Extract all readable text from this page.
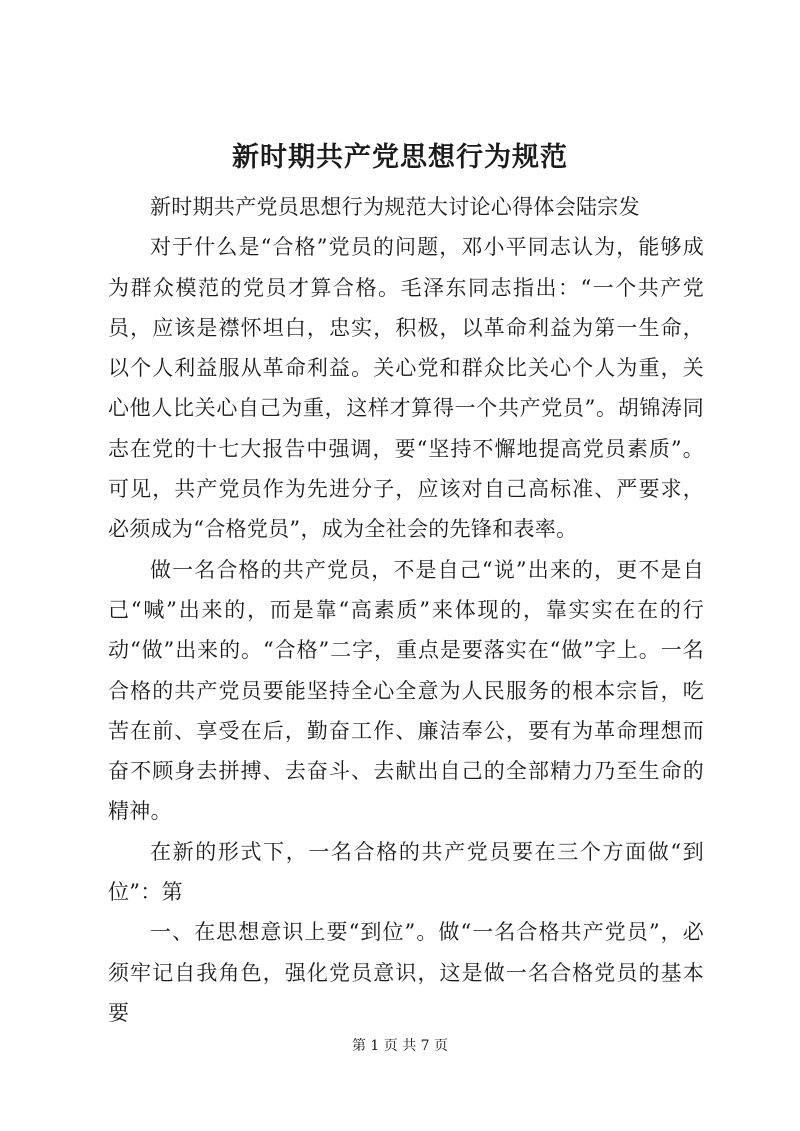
新时期共产党思想行为规范

新时期共产党员思想行为规范大讨论心得体会陆宗发

对于什么是“合格”党员的问题，邓小平同志认为，能够成为群众模范的党员才算合格。毛泽东同志指出：“一个共产党员，应该是襟怀坦白，忠实，积极，以革命利益为第一生命，以个人利益服从革命利益。关心党和群众比关心个人为重，关心他人比关心自己为重，这样才算得一个共产党员”。胡锦涛同志在党的十七大报告中强调，要“坚持不懈地提高党员素质”。可见，共产党员作为先进分子，应该对自己高标准、严要求，必须成为“合格党员”，成为全社会的先锋和表率。

做一名合格的共产党员，不是自己“说”出来的，更不是自己“喊”出来的，而是靠“高素质”来体现的，靠实实在在的行动“做”出来的。“合格”二字，重点是要落实在“做”字上。一名合格的共产党员要能坚持全心全意为人民服务的根本宗旨，吃苦在前、享受在后，勤奋工作、廉洁奉公，要有为革命理想而奋不顾身去拼搏、去奋斗、去献出自己的全部精力乃至生命的精神。

在新的形式下，一名合格的共产党员要在三个方面做“到位”：第

一、在思想意识上要“到位”。做“一名合格共产党员”，必须牢记自我角色，强化党员意识，这是做一名合格党员的基本要

第 1 页 共 7 页
